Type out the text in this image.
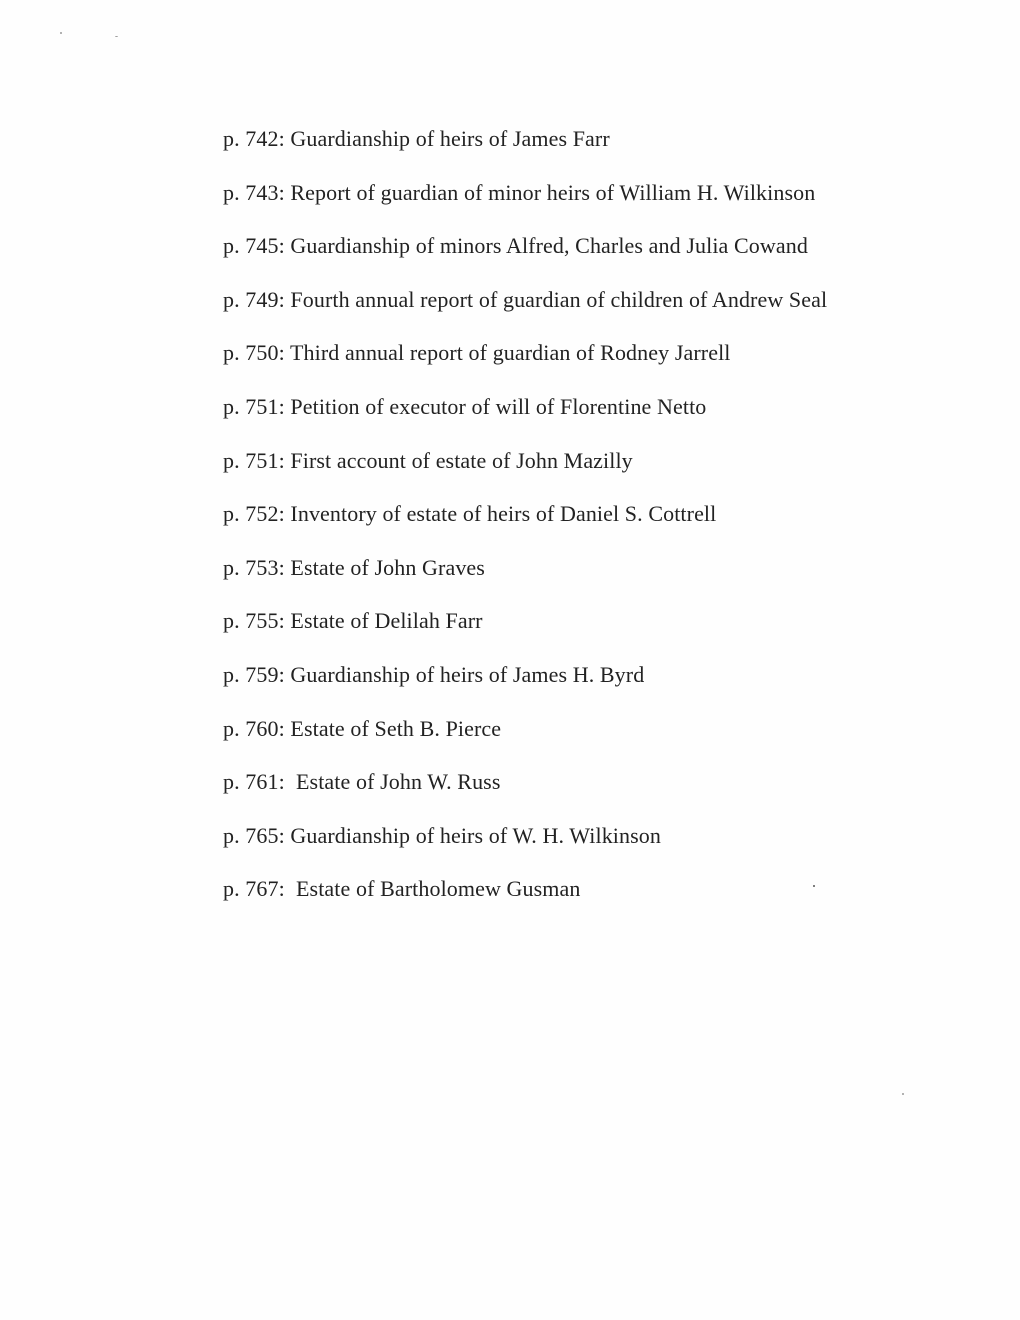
p. 742: Guardianship of heirs of James Farr
p. 743: Report of guardian of minor heirs of William H. Wilkinson
p. 745: Guardianship of minors Alfred, Charles and Julia Cowand
p. 749: Fourth annual report of guardian of children of Andrew Seal
p. 750: Third annual report of guardian of Rodney Jarrell
p. 751: Petition of executor of will of Florentine Netto
p. 751: First account of estate of John Mazilly
p. 752: Inventory of estate of heirs of Daniel S. Cottrell
p. 753: Estate of John Graves
p. 755: Estate of Delilah Farr
p. 759: Guardianship of heirs of James H. Byrd
p. 760: Estate of Seth B. Pierce
p. 761:  Estate of John W. Russ
p. 765: Guardianship of heirs of W. H. Wilkinson
p. 767:  Estate of Bartholomew Gusman
